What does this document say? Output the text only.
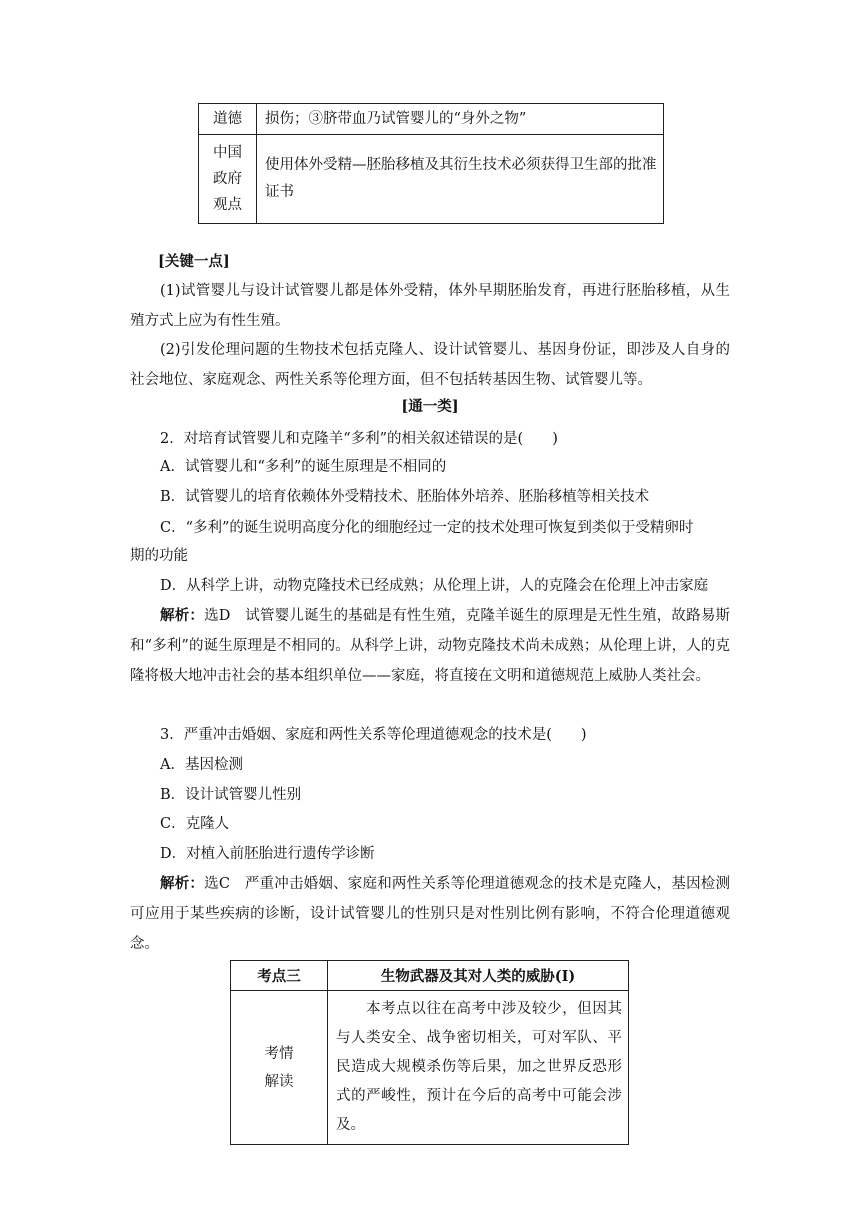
道德	损伤；③脐带血乃试管婴儿的“身外之物”

中国
政府
观点	使用体外受精—胚胎移植及其衍生技术必须获得卫生部的批准证书
[关键一点]
(1)试管婴儿与设计试管婴儿都是体外受精，体外早期胚胎发育，再进行胚胎移植，从生殖方式上应为有性生殖。
(2)引发伦理问题的生物技术包括克隆人、设计试管婴儿、基因身份证，即涉及人自身的社会地位、家庭观念、两性关系等伦理方面，但不包括转基因生物、试管婴儿等。
[通一类]
2．对培育试管婴儿和克隆羊“多利”的相关叙述错误的是(　　)
A．试管婴儿和“多利”的诞生原理是不相同的
B．试管婴儿的培育依赖体外受精技术、胚胎体外培养、胚胎移植等相关技术
C．“多利”的诞生说明高度分化的细胞经过一定的技术处理可恢复到类似于受精卵时
期的功能
D．从科学上讲，动物克隆技术已经成熟；从伦理上讲，人的克隆会在伦理上冲击家庭
解析：选D　试管婴儿诞生的基础是有性生殖，克隆羊诞生的原理是无性生殖，故路易斯和“多利”的诞生原理是不相同的。从科学上讲，动物克隆技术尚未成熟；从伦理上讲，人的克隆将极大地冲击社会的基本组织单位——家庭，将直接在文明和道德规范上威胁人类社会。
3．严重冲击婚姻、家庭和两性关系等伦理道德观念的技术是(　　)
A．基因检测
B．设计试管婴儿性别
C．克隆人
D．对植入前胚胎进行遗传学诊断
解析：选C　严重冲击婚姻、家庭和两性关系等伦理道德观念的技术是克隆人，基因检测可应用于某些疾病的诊断，设计试管婴儿的性别只是对性别比例有影响，不符合伦理道德观念。
考点三	生物武器及其对人类的威胁(Ⅰ)

考情
解读	本考点以往在高考中涉及较少，但因其与人类安全、战争密切相关，可对军队、平民造成大规模杀伤等后果，加之世界反恐形式的严峻性，预计在今后的高考中可能会涉及。
